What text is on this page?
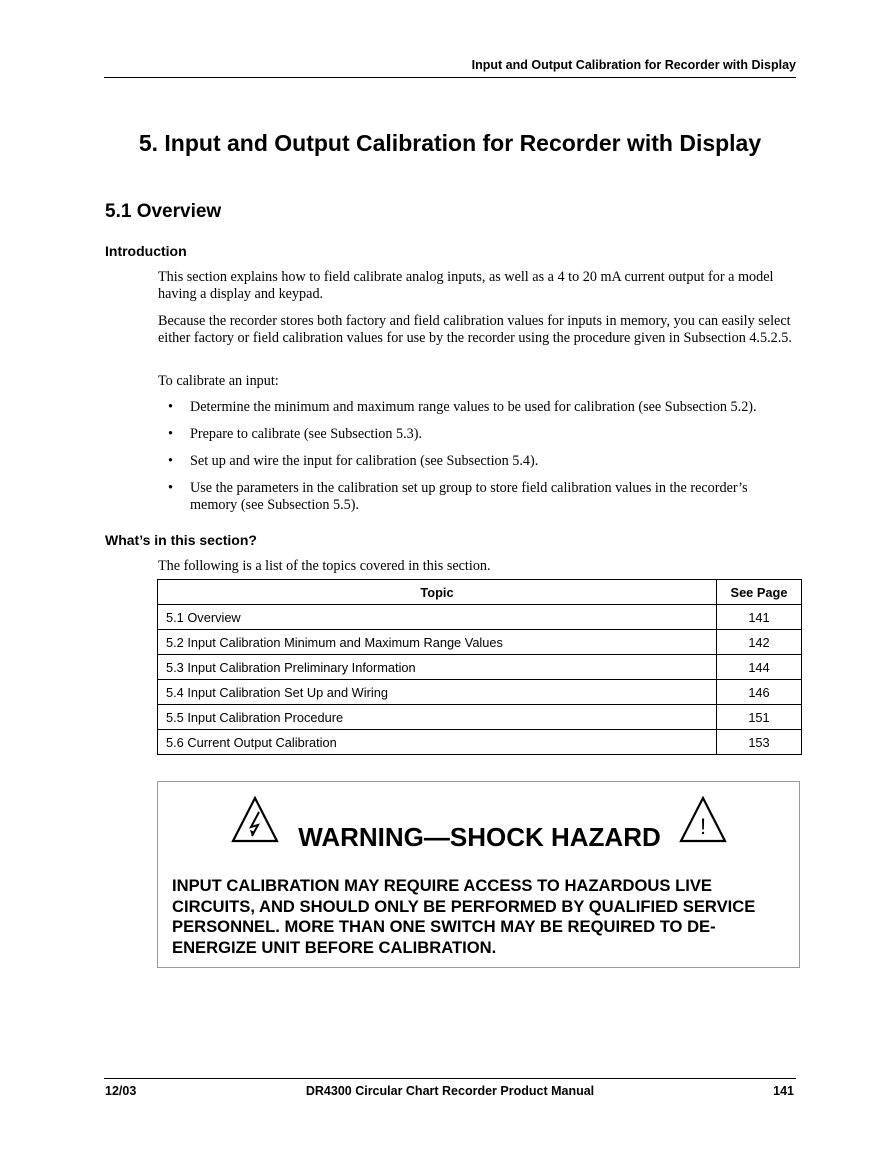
Input and Output Calibration for Recorder with Display
5. Input and Output Calibration for Recorder with Display
5.1 Overview
Introduction

This section explains how to field calibrate analog inputs, as well as a 4 to 20 mA current output for a model having a display and keypad.

Because the recorder stores both factory and field calibration values for inputs in memory, you can easily select either factory or field calibration values for use by the recorder using the procedure given in Subsection 4.5.2.5.

To calibrate an input:

• Determine the minimum and maximum range values to be used for calibration (see Subsection 5.2).
• Prepare to calibrate (see Subsection 5.3).
• Set up and wire the input for calibration (see Subsection 5.4).
• Use the parameters in the calibration set up group to store field calibration values in the recorder’s memory (see Subsection 5.5).
What’s in this section?

The following is a list of the topics covered in this section.

Topic	See Page
5.1 Overview	141
5.2 Input Calibration Minimum and Maximum Range Values	142
5.3 Input Calibration Preliminary Information	144
5.4 Input Calibration Set Up and Wiring	146
5.5 Input Calibration Procedure	151
5.6 Current Output Calibration	153
WARNING—SHOCK HAZARD	!

INPUT CALIBRATION MAY REQUIRE ACCESS TO HAZARDOUS LIVE CIRCUITS, AND SHOULD ONLY BE PERFORMED BY QUALIFIED SERVICE PERSONNEL. MORE THAN ONE SWITCH MAY BE REQUIRED TO DE-ENERGIZE UNIT BEFORE CALIBRATION.

12/03	DR4300 Circular Chart Recorder Product Manual	141
